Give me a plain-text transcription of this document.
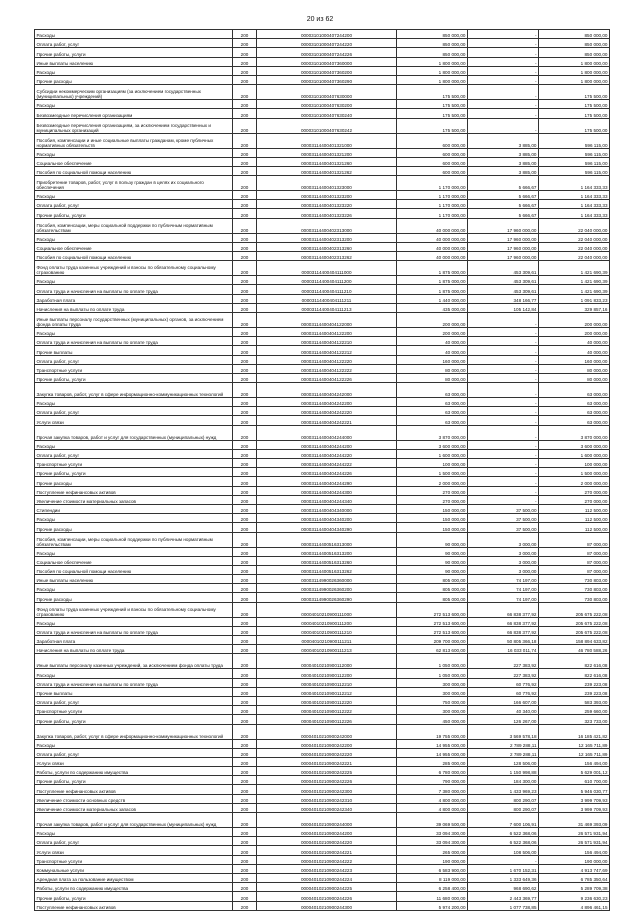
20 из 62
Расходы	200	00003101000407244200	850 000,00	-	850 000,00
Оплата работ, услуг	200	00003101000407244220	850 000,00	-	850 000,00
Прочие работы, услуги	200	00003101000407244226	850 000,00	-	850 000,00
Иные выплаты населению	200	00003101000407360000	1 800 000,00	-	1 800 000,00
Расходы	200	00003101000407360200	1 800 000,00	-	1 800 000,00
Прочие расходы	200	00003101000407360290	1 800 000,00	-	1 800 000,00
Субсидии некоммерческим организациям (за исключением государственных (муниципальных) учреждений)	200	00003101000407630000	175 500,00	-	175 500,00
Расходы	200	00003101000407630200	175 500,00	-	175 500,00
Безвозмездные перечисления организациям	200	00003101000407630240	175 500,00	-	175 500,00
Безвозмездные перечисления организациям, за исключением государственных и муниципальных организаций	200	00003101000407630242	175 500,00	-	175 500,00
Пособия, компенсации и иные социальные выплаты гражданам, кроме публичных нормативных обязательств	200	00003114400401321000	600 000,00	3 885,00	596 115,00
Расходы	200	00003114400401321200	600 000,00	3 885,00	596 115,00
Социальное обеспечение	200	00003114400401321260	600 000,00	3 885,00	596 115,00
Пособия по социальной помощи населению	200	00003114400401321262	600 000,00	3 885,00	596 115,00
Приобретение товаров, работ, услуг в пользу граждан в целях их социального обеспечения	200	00003114400401323000	1 170 000,00	5 666,67	1 164 333,33
Расходы	200	00003114400401323200	1 170 000,00	5 666,67	1 164 333,33
Оплата работ, услуг	200	00003114400401323220	1 170 000,00	5 666,67	1 164 333,33
Прочие работы, услуги	200	00003114400401323226	1 170 000,00	5 666,67	1 164 333,33
Пособия, компенсации, меры социальной поддержки по публичным нормативным обязательствам	200	00003114400402313000	40 000 000,00	17 960 000,00	22 040 000,00
Расходы	200	00003114400402313200	40 000 000,00	17 960 000,00	22 040 000,00
Социальное обеспечение	200	00003114400402313260	40 000 000,00	17 960 000,00	22 040 000,00
Пособия по социальной помощи населению	200	00003114400402313262	40 000 000,00	17 960 000,00	22 040 000,00
Фонд оплаты труда казенных учреждений и взносы по обязательному социальному страхованию	200	00003114400404111000	1 875 000,00	453 309,61	1 421 690,39
Расходы	200	00003114400404111200	1 875 000,00	453 309,61	1 421 690,39
Оплата труда и начисления на выплаты по оплате труда	200	00003114400404111210	1 875 000,00	453 309,61	1 421 690,39
Заработная плата	200	00003114400404111211	1 440 000,00	348 166,77	1 091 833,23
Начисления на выплаты по оплате труда	200	00003114400404111213	435 000,00	105 142,84	329 857,16
Иные выплаты персоналу государственных (муниципальных) органов, за исключением фонда оплаты труда	200	00003114400404122000	200 000,00	-	200 000,00
Расходы	200	00003114400404122200	200 000,00	-	200 000,00
Оплата труда и начисления на выплаты по оплате труда	200	00003114400404122210	40 000,00	-	40 000,00
Прочие выплаты	200	00003114400404122212	40 000,00	-	40 000,00
Оплата работ, услуг	200	00003114400404122220	160 000,00	-	160 000,00
Транспортные услуги	200	00003114400404122222	80 000,00	-	80 000,00
Прочие работы, услуги	200	00003114400404122226	80 000,00	-	80 000,00
Закупка товаров, работ, услуг в сфере информационно-коммуникационных технологий	200	00003114400404242000	63 000,00	-	63 000,00
Расходы	200	00003114400404242200	63 000,00	-	63 000,00
Оплата работ, услуг	200	00003114400404242220	63 000,00	-	63 000,00
Услуги связи	200	00003114400404242221	63 000,00	-	63 000,00
Прочая закупка товаров, работ и услуг для государственных (муниципальных) нужд	200	00003114400404244000	3 870 000,00	-	3 870 000,00
Расходы	200	00003114400404244200	3 600 000,00	-	3 600 000,00
Оплата работ, услуг	200	00003114400404244220	1 600 000,00	-	1 600 000,00
Транспортные услуги	200	00003114400404244222	100 000,00	-	100 000,00
Прочие работы, услуги	200	00003114400404244226	1 500 000,00	-	1 500 000,00
Прочие расходы	200	00003114400404244290	2 000 000,00	-	2 000 000,00
Поступление нефинансовых активов	200	00003114400404244300	270 000,00	-	270 000,00
Увеличение стоимости материальных запасов	200	00003114400404244340	270 000,00	-	270 000,00
Стипендии	200	00003114400404340000	150 000,00	37 500,00	112 500,00
Расходы	200	00003114400404340200	150 000,00	37 500,00	112 500,00
Прочие расходы	200	00003114400404340290	150 000,00	37 500,00	112 500,00
Пособия, компенсации, меры социальной поддержки по публичным нормативным обязательствам	200	00003114400516313000	90 000,00	3 000,00	87 000,00
Расходы	200	00003114400516313200	90 000,00	3 000,00	87 000,00
Социальное обеспечение	200	00003114400516313260	90 000,00	3 000,00	87 000,00
Пособия по социальной помощи населению	200	00003114400516313262	90 000,00	3 000,00	87 000,00
Иные выплаты населению	200	00003114990026360000	805 000,00	74 197,00	730 803,00
Расходы	200	00003114990026360200	805 000,00	74 197,00	730 803,00
Прочие расходы	200	00003114990026360290	805 000,00	74 197,00	730 803,00
Фонд оплаты труда казенных учреждений и взносы по обязательному социальному страхованию	200	00004010210900111000	272 513 600,00	66 838 377,92	205 675 222,08
Расходы	200	00004010210900111200	272 513 600,00	66 838 377,92	205 675 222,08
Оплата труда и начисления на выплаты по оплате труда	200	00004010210900111210	272 513 600,00	66 838 377,92	205 675 222,08
Заработная плата	200	00004010210900111211	209 700 000,00	50 805 366,18	158 894 633,82
Начисления на выплаты по оплате труда	200	00004010210900111213	62 813 600,00	16 033 011,74	46 780 588,26
Иные выплаты персоналу казенных учреждений, за исключением фонда оплаты труда	200	00004010210900112000	1 050 000,00	227 383,92	822 616,08
Расходы	200	00004010210900112200	1 050 000,00	227 383,92	822 616,08
Оплата труда и начисления на выплаты по оплате труда	200	00004010210900112210	300 000,00	60 776,92	239 223,08
Прочие выплаты	200	00004010210900112212	300 000,00	60 776,92	239 223,08
Оплата работ, услуг	200	00004010210900112220	750 000,00	166 607,00	583 393,00
Транспортные услуги	200	00004010210900112222	300 000,00	40 340,00	259 660,00
Прочие работы, услуги	200	00004010210900112226	450 000,00	126 267,00	323 733,00
Закупка товаров, работ, услуг в сфере информационно-коммуникационных технологий	200	00004010210900242000	19 755 000,00	3 569 578,18	16 185 421,82
Расходы	200	00004010210900242200	14 955 000,00	2 789 288,11	12 165 711,89
Оплата работ, услуг	200	00004010210900242220	14 955 000,00	2 789 288,11	12 165 711,89
Услуги связи	200	00004010210900242221	285 000,00	128 506,00	156 494,00
Работы, услуги по содержанию имущества	200	00004010210900242225	6 780 000,00	1 150 998,88	5 629 001,12
Прочие работы, услуги	200	00004010210900242226	790 000,00	184 300,00	610 700,00
Поступление нефинансовых активов	200	00004010210900242300	7 380 000,00	1 433 969,23	5 946 030,77
Увеличение стоимости основных средств	200	00004010210900242310	4 800 000,00	800 290,07	3 999 709,93
Увеличение стоимости материальных запасов	200	00004010210900242340	4 800 000,00	800 290,07	3 999 709,93
Прочая закупка товаров, работ и услуг для государственных (муниципальных) нужд	200	00004010210900244000	39 069 500,00	7 600 106,91	31 469 393,09
Расходы	200	00004010210900244200	33 094 300,00	6 522 368,06	26 571 931,94
Оплата работ, услуг	200	00004010210900244220	33 094 300,00	6 522 368,06	26 571 931,94
Услуги связи	200	00004010210900244221	265 000,00	108 506,00	156 494,00
Транспортные услуги	200	00004010210900244222	190 000,00	-	190 000,00
Коммунальные услуги	200	00004010210900244223	6 583 900,00	1 670 152,31	4 913 747,69
Арендная плата за пользование имуществом	200	00004010210900244224	8 119 000,00	1 333 649,36	6 785 350,64
Работы, услуги по содержанию имущества	200	00004010210900244225	6 258 400,00	968 690,62	5 289 709,38
Прочие работы, услуги	200	00004010210900244226	11 680 000,00	2 443 369,77	9 236 630,23
Поступление нефинансовых активов	200	00004010210900244300	5 974 200,00	1 077 738,85	4 896 461,15
